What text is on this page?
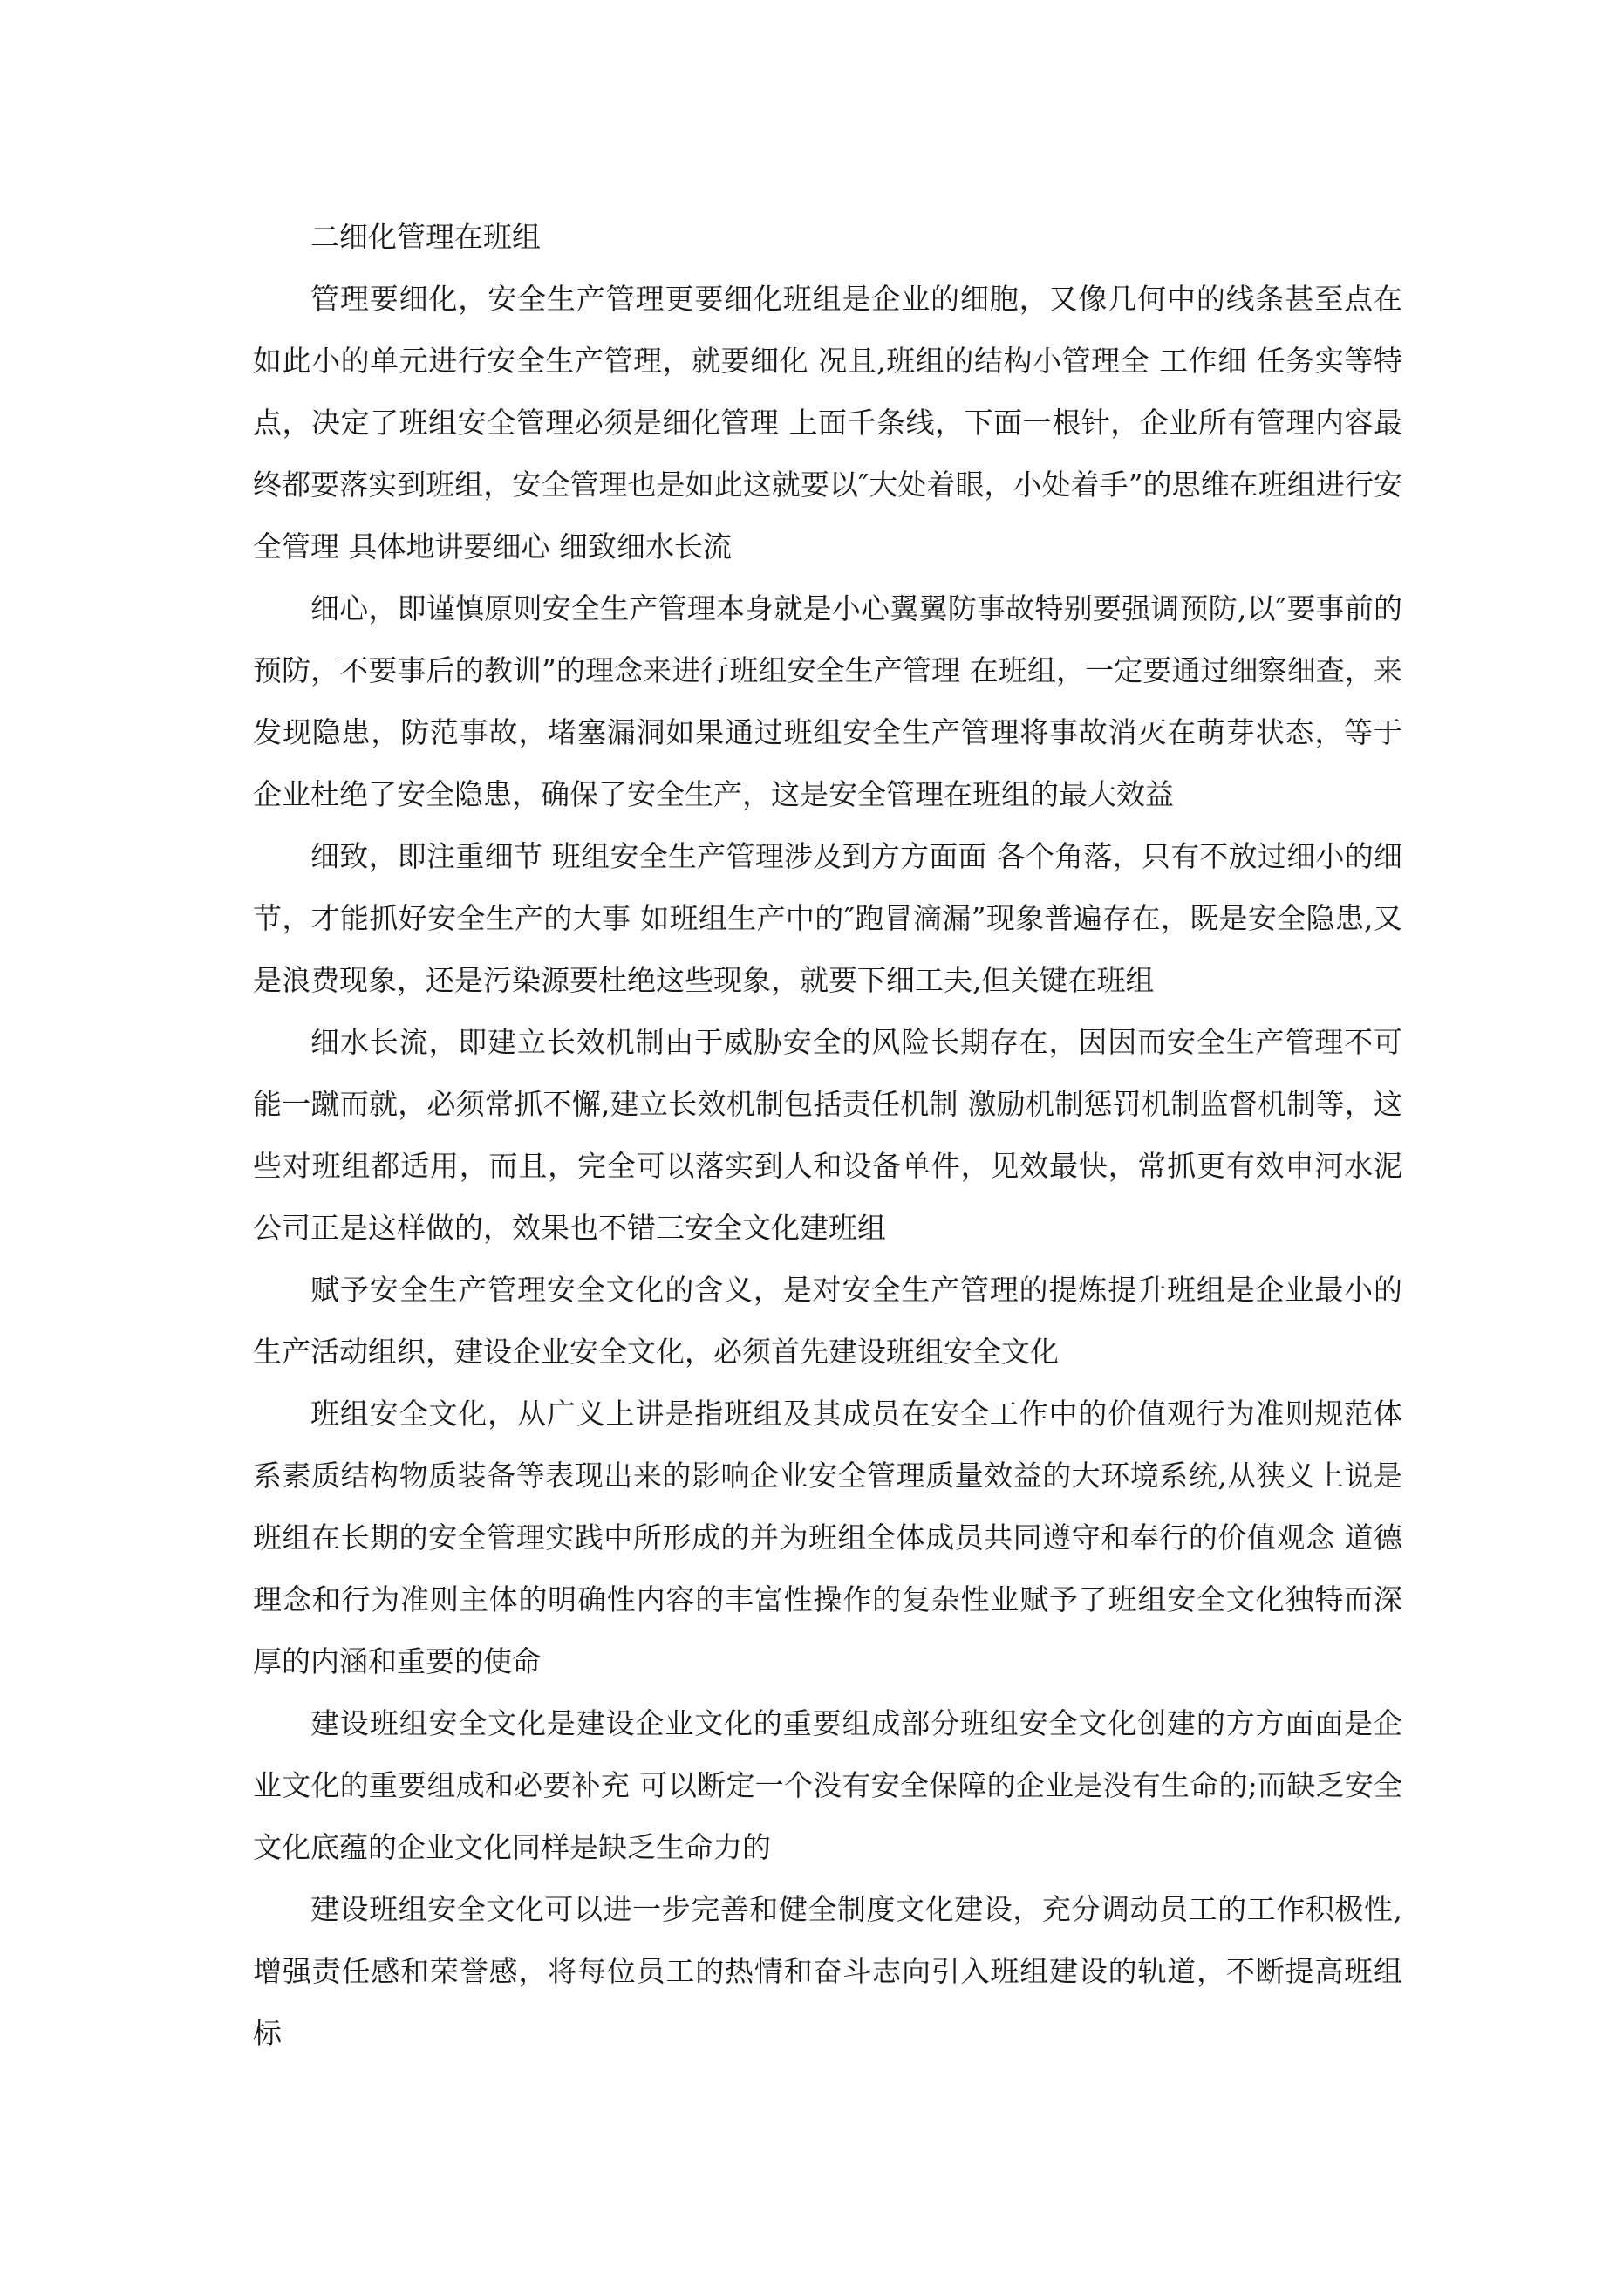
二细化管理在班组

管理要细化，安全生产管理更要细化班组是企业的细胞，又像几何中的线条甚至点在如此小的单元进行安全生产管理，就要细化 况且,班组的结构小管理全 工作细 任务实等特点，决定了班组安全管理必须是细化管理 上面千条线，下面一根针，企业所有管理内容最终都要落实到班组，安全管理也是如此这就要以″大处着眼，小处着手”的思维在班组进行安全管理 具体地讲要细心 细致细水长流

细心，即谨慎原则安全生产管理本身就是小心翼翼防事故特别要强调预防,以″要事前的预防，不要事后的教训”的理念来进行班组安全生产管理 在班组，一定要通过细察细查，来发现隐患，防范事故，堵塞漏洞如果通过班组安全生产管理将事故消灭在萌芽状态，等于企业杜绝了安全隐患，确保了安全生产，这是安全管理在班组的最大效益

细致，即注重细节 班组安全生产管理涉及到方方面面 各个角落，只有不放过细小的细节，才能抓好安全生产的大事 如班组生产中的″跑冒滴漏”现象普遍存在，既是安全隐患,又是浪费现象，还是污染源要杜绝这些现象，就要下细工夫,但关键在班组

细水长流，即建立长效机制由于威胁安全的风险长期存在，因因而安全生产管理不可能一蹴而就，必须常抓不懈,建立长效机制包括责任机制 激励机制惩罚机制监督机制等，这些对班组都适用，而且，完全可以落实到人和设备单件，见效最快，常抓更有效申河水泥公司正是这样做的，效果也不错三安全文化建班组

赋予安全生产管理安全文化的含义，是对安全生产管理的提炼提升班组是企业最小的生产活动组织，建设企业安全文化，必须首先建设班组安全文化

班组安全文化，从广义上讲是指班组及其成员在安全工作中的价值观行为准则规范体系素质结构物质装备等表现出来的影响企业安全管理质量效益的大环境系统,从狭义上说是班组在长期的安全管理实践中所形成的并为班组全体成员共同遵守和奉行的价值观念 道德理念和行为准则主体的明确性内容的丰富性操作的复杂性业赋予了班组安全文化独特而深厚的内涵和重要的使命

建设班组安全文化是建设企业文化的重要组成部分班组安全文化创建的方方面面是企业文化的重要组成和必要补充 可以断定一个没有安全保障的企业是没有生命的;而缺乏安全文化底蕴的企业文化同样是缺乏生命力的

建设班组安全文化可以进一步完善和健全制度文化建设，充分调动员工的工作积极性,增强责任感和荣誉感，将每位员工的热情和奋斗志向引入班组建设的轨道，不断提高班组标
